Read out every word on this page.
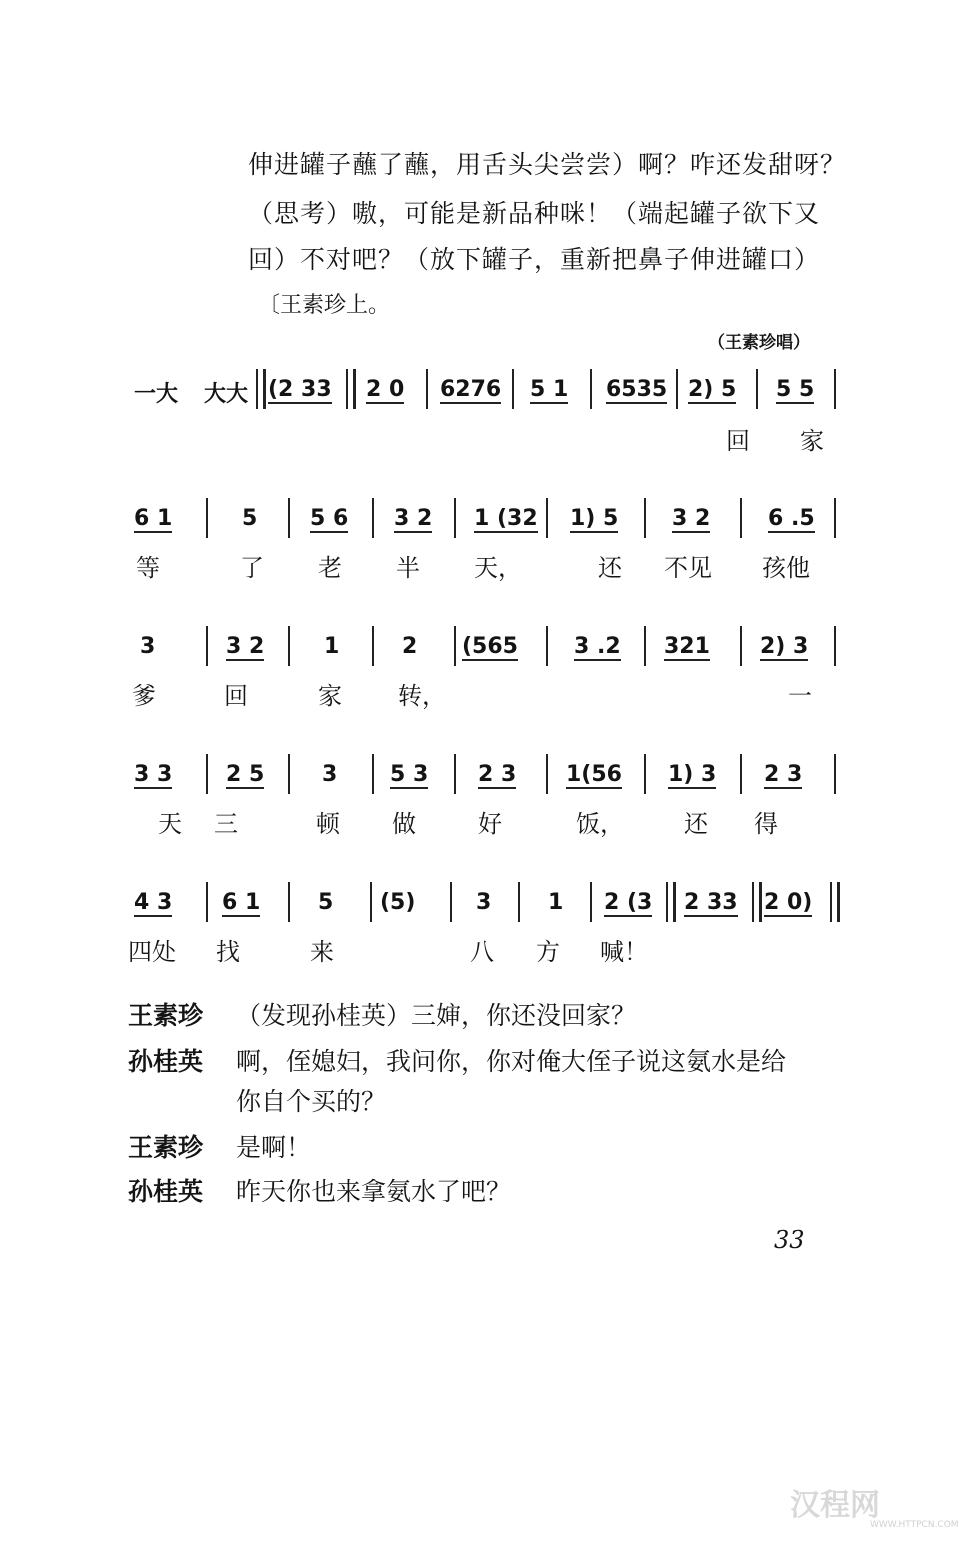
伸进罐子蘸了蘸，用舌头尖尝尝）啊？咋还发甜呀？
（思考）嗷，可能是新品种咪！（端起罐子欲下又
回）不对吧？（放下罐子，重新把鼻子伸进罐口）
〔王素珍上。
（王素珍唱）
一大 大大 (2 33 2 0 6276 5 1 6535 2) 5 5 5
回 家
6 1	5 5 6 3 2 1 (32 1) 5 3 2	6 .5
等	了 老 半 天，	还 不见 孩他
3	3 2	1	2 (565	3 .2 321 2) 3
爹	回	家 转，	一
3 3 2 5	3 5 3 2 3 1(56 1) 3 2 3
天 三	顿 做	好	饭，	还 得
4 3 6 1	5 (5)	3	1 2 (3 2 33 2 0)
四处 找	来	八 方 喊！
王素珍 （发现孙桂英）三婶，你还没回家？
孙桂英 啊，侄媳妇，我问你，你对俺大侄子说这氨水是给
你自个买的？
王素珍 是啊！
孙桂英 昨天你也来拿氨水了吧？
33
汉程网
WWW.HTTPCN.COM
